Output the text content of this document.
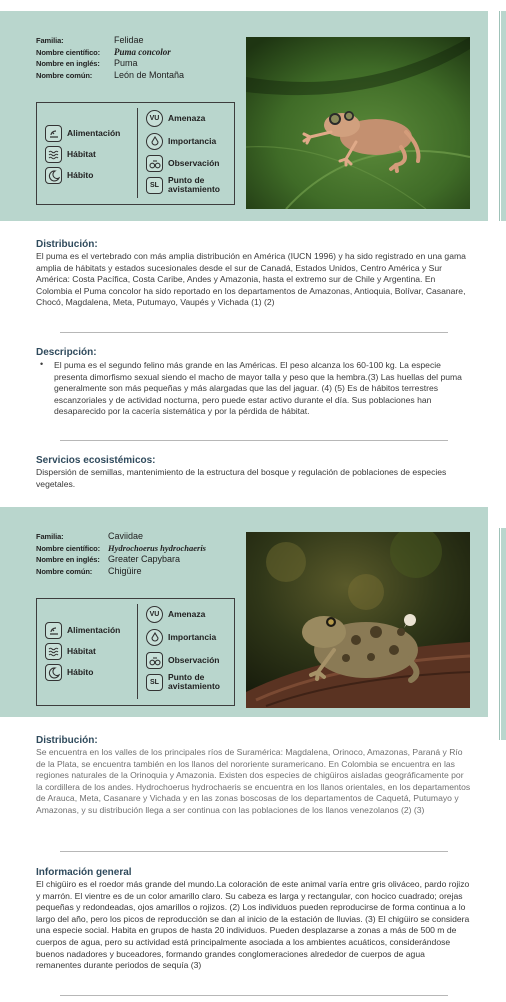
Familia:	Felidae
Nombre científico:	Puma concolor
Nombre en inglés:	Puma
Nombre común:	León de Montaña
Alimentación
Hábitat
Hábito
VU Amenaza
Importancia
Observación
SL Punto de avistamiento
Distribución:
El puma es el vertebrado con más amplia distribución en América (IUCN 1996) y ha sido registrado en una gama amplia de hábitats y estados sucesionales desde el sur de Canadá, Estados Unidos, Centro América y Sur América: Costa Pacífica, Costa Caribe, Andes y Amazonia, hasta el extremo sur de Chile y Argentina. En Colombia el Puma concolor ha sido reportado en los departamentos de Amazonas, Antioquia, Bolívar, Casanare, Chocó, Magdalena, Meta, Putumayo, Vaupés y Vichada (1) (2)
Descripción:
• El puma es el segundo felino más grande en las Américas. El peso alcanza los 60-100 kg. La especie presenta dimorfismo sexual siendo el macho de mayor talla y peso que la hembra.(3) Las huellas del puma generalmente son más pequeñas y más alargadas que las del jaguar. (4) (5) Es de hábitos terrestres escanzoriales y de actividad nocturna, pero puede estar activo durante el día. Sus poblaciones han desaparecido por la cacería sistemática y por la pérdida de hábitat.
Servicios ecosistémicos:
Dispersión de semillas, mantenimiento de la estructura del bosque y regulación de poblaciones de especies vegetales.
Familia:	Caviidae
Nombre científico: Hydrochoerus hydrochaeris
Nombre en inglés: Greater Capybara
Nombre común:	Chigüire
Alimentación
Hábitat
Hábito
VU Amenaza
Importancia
Observación
SL Punto de avistamiento
Distribución:
Se encuentra en los valles de los principales ríos de Suramérica: Magdalena, Orinoco, Amazonas, Paraná y Río de la Plata, se encuentra también en los llanos del nororiente suramericano. En Colombia se encuentra en las regiones naturales de la Orinoquia y Amazonia. Existen dos especies de chigüiros aisladas geográficamente por la cordillera de los andes. Hydrochoerus hydrochaeris se encuentra en los llanos orientales, en los departamentos de Arauca, Meta, Casanare y Vichada y en las zonas boscosas de los departamentos de Caquetá, Putumayo y Amazonas, y su distribución llega a ser continua con las poblaciones de los llanos venezolanos (2) (3)
Información general
El chigüiro es el roedor más grande del mundo.La coloración de este animal varía entre gris oliváceo, pardo rojizo y marrón. El vientre es de un color amarillo claro. Su cabeza es larga y rectangular, con hocico cuadrado; orejas pequeñas y redondeadas, ojos amarillos o rojizos. (2) Los individuos pueden reproducirse de forma continua a lo largo del año, pero los picos de reproducción se dan al inicio de la estación de lluvias. (3) El chigüiro se considera una especie social. Habita en grupos de hasta 20 individuos. Pueden desplazarse a zonas a más de 500 m de cuerpos de agua, pero su actividad está principalmente asociada a los ambientes acuáticos, considerándose buenos nadadores y buceadores, formando grandes conglomeraciones alrededor de cuerpos de agua remanentes durante periodos de sequía (3)
